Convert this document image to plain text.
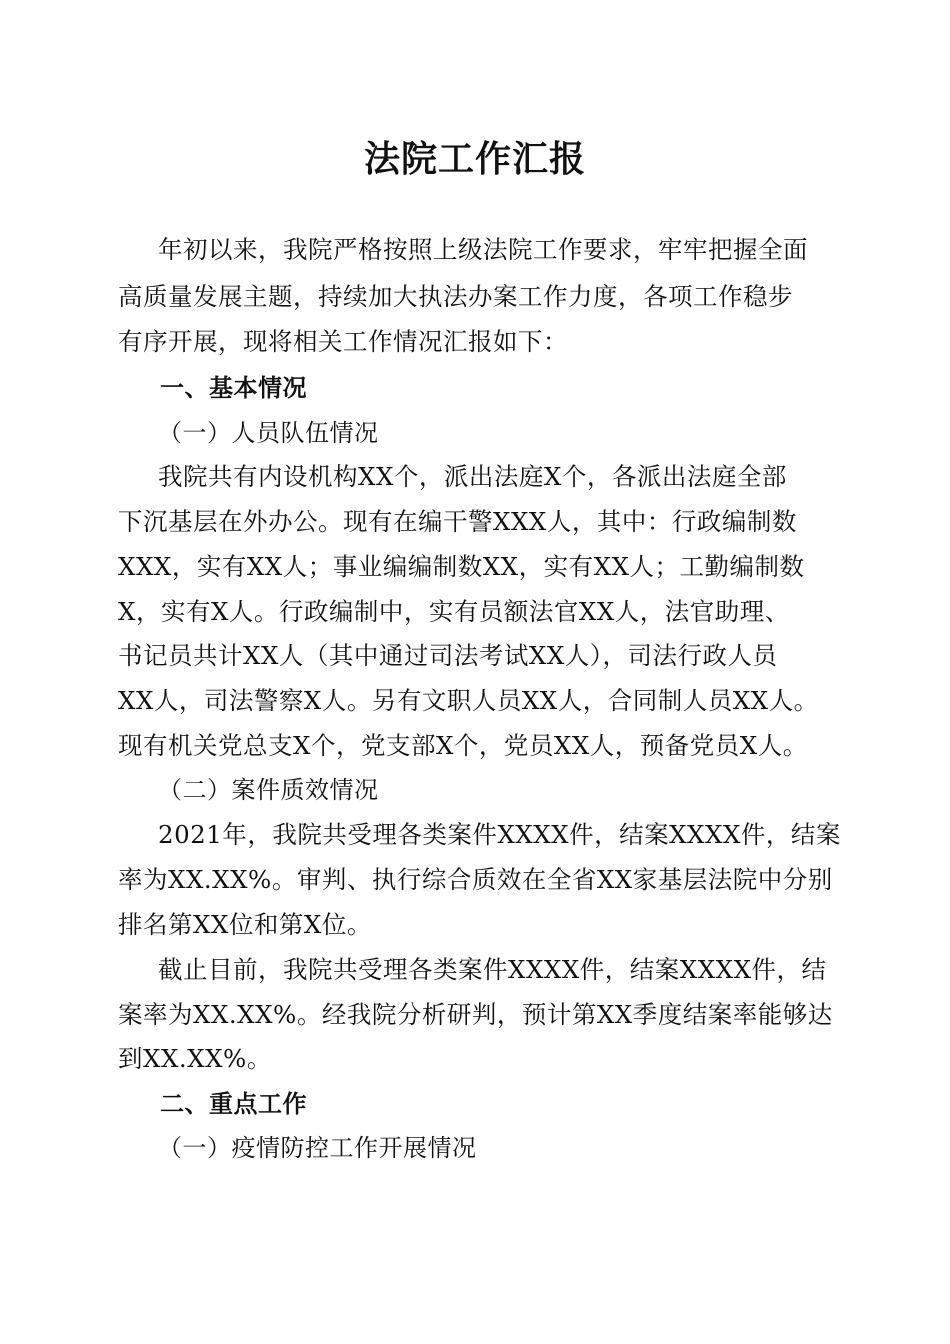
法院工作汇报
年初以来，我院严格按照上级法院工作要求，牢牢把握全面
高质量发展主题，持续加大执法办案工作力度，各项工作稳步
有序开展，现将相关工作情况汇报如下：
一、基本情况
（一）人员队伍情况
我院共有内设机构XX个，派出法庭X个，各派出法庭全部
下沉基层在外办公。现有在编干警XXX人，其中：行政编制数
XXX，实有XX人；事业编编制数XX，实有XX人；工勤编制数
X，实有X人。行政编制中，实有员额法官XX人，法官助理、
书记员共计XX人（其中通过司法考试XX人），司法行政人员
XX人，司法警察X人。另有文职人员XX人，合同制人员XX人。
现有机关党总支X个，党支部X个，党员XX人，预备党员X人。
（二）案件质效情况
2021年，我院共受理各类案件XXXX件，结案XXXX件，结案
率为XX.XX%。审判、执行综合质效在全省XX家基层法院中分别
排名第XX位和第X位。
截止目前，我院共受理各类案件XXXX件，结案XXXX件，结
案率为XX.XX%。经我院分析研判，预计第XX季度结案率能够达
到XX.XX%。
二、重点工作
（一）疫情防控工作开展情况
